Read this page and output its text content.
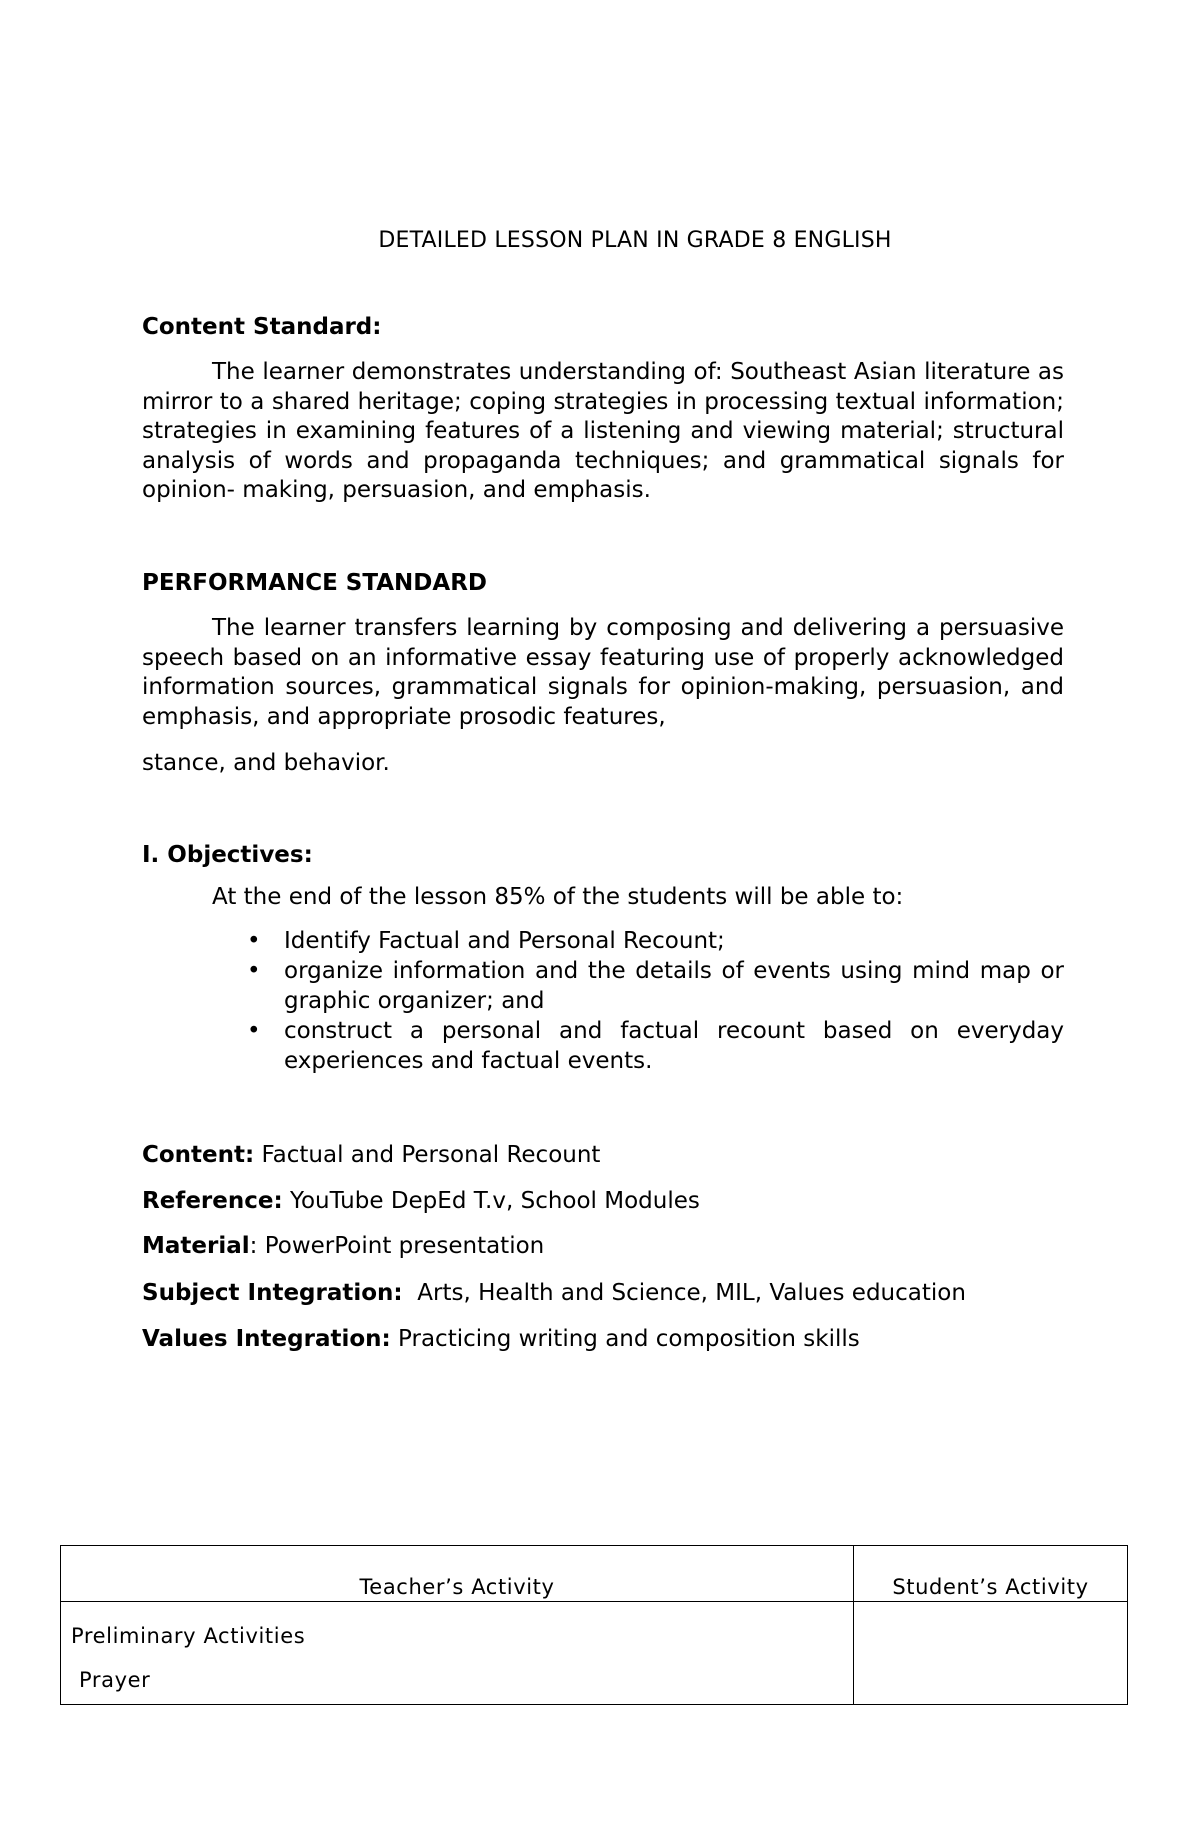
DETAILED LESSON PLAN IN GRADE 8 ENGLISH
Content Standard:
The learner demonstrates understanding of: Southeast Asian literature as mirror to a shared heritage; coping strategies in processing textual information; strategies in examining features of a listening and viewing material; structural analysis of words and propaganda techniques; and grammatical signals for opinion- making, persuasion, and emphasis.
PERFORMANCE STANDARD
The learner transfers learning by composing and delivering a persuasive speech based on an informative essay featuring use of properly acknowledged information sources, grammatical signals for opinion-making, persuasion, and emphasis, and appropriate prosodic features,
stance, and behavior.
I. Objectives:
At the end of the lesson 85% of the students will be able to:
• Identify Factual and Personal Recount;
• organize information and the details of events using mind map or graphic organizer; and
• construct a personal and factual recount based on everyday experiences and factual events.
Content: Factual and Personal Recount
Reference: YouTube DepEd T.v, School Modules
Material: PowerPoint presentation
Subject Integration:  Arts, Health and Science, MIL, Values education
Values Integration: Practicing writing and composition skills
Teacher’s Activity	Student’s Activity

Preliminary Activities
Prayer	
